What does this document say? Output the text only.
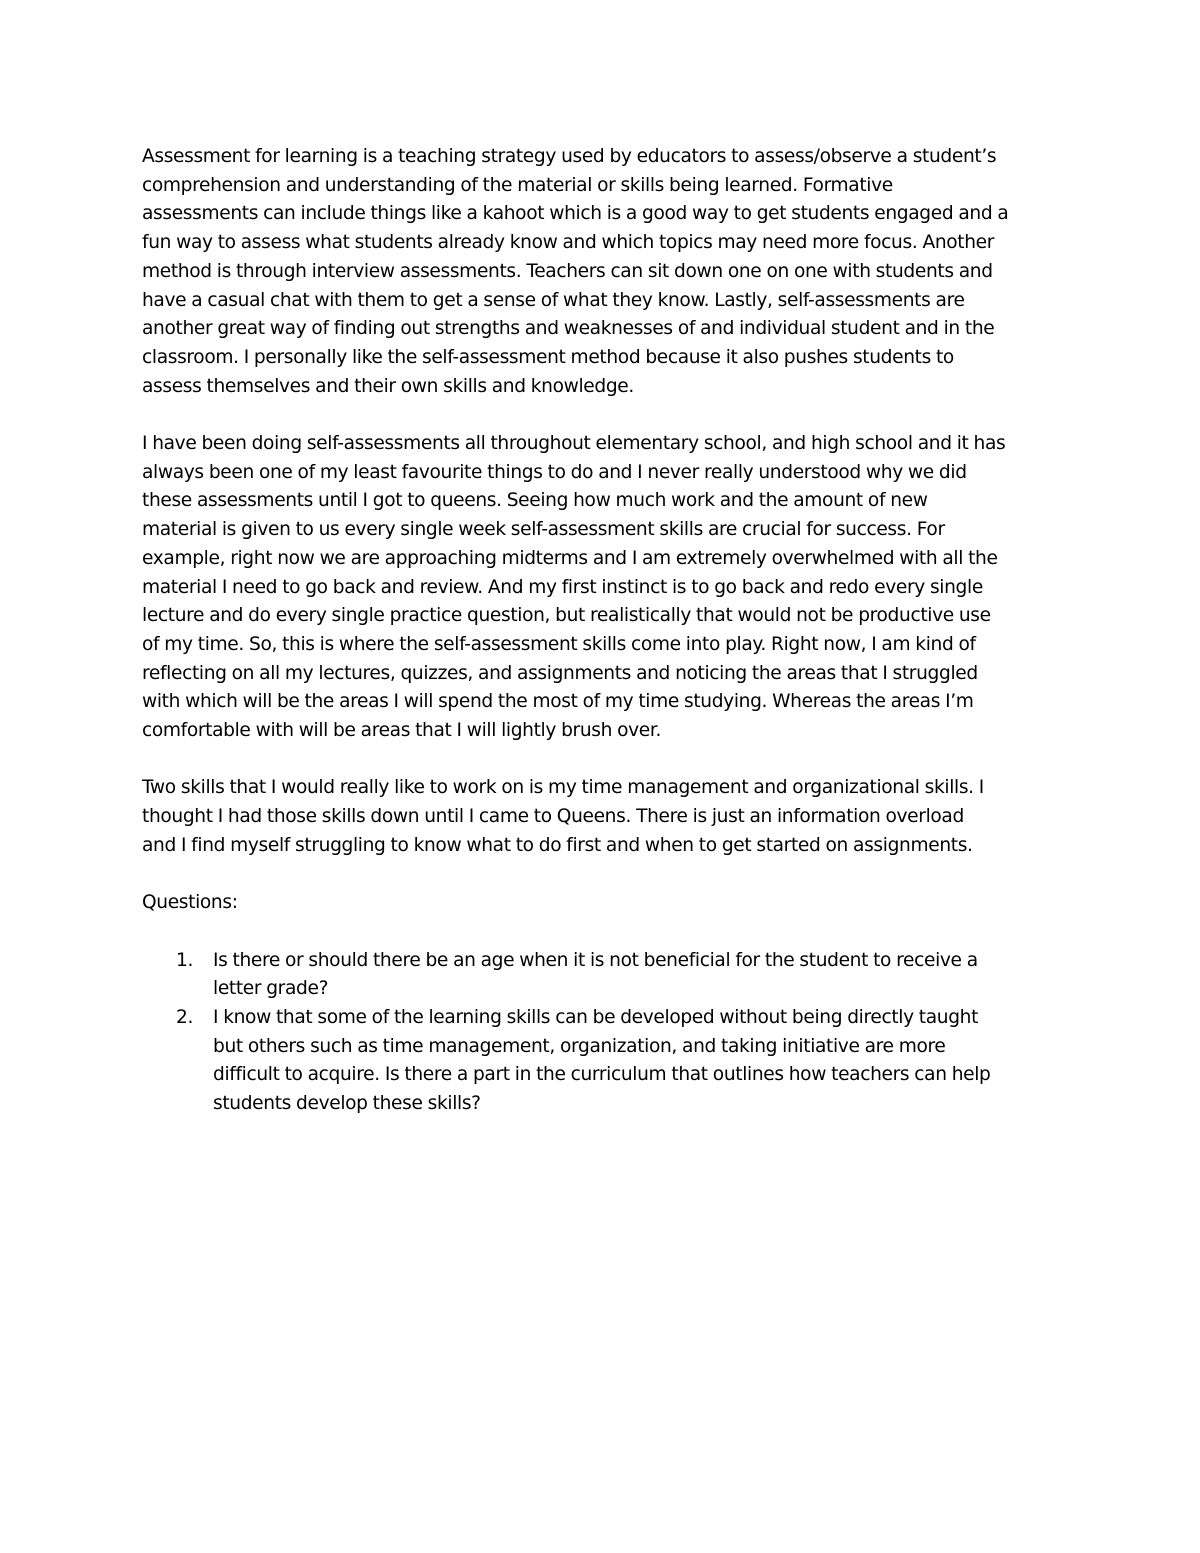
Assessment for learning is a teaching strategy used by educators to assess/observe a student’s
comprehension and understanding of the material or skills being learned. Formative
assessments can include things like a kahoot which is a good way to get students engaged and a
fun way to assess what students already know and which topics may need more focus. Another
method is through interview assessments. Teachers can sit down one on one with students and
have a casual chat with them to get a sense of what they know. Lastly, self-assessments are
another great way of finding out strengths and weaknesses of and individual student and in the
classroom. I personally like the self-assessment method because it also pushes students to
assess themselves and their own skills and knowledge.

I have been doing self-assessments all throughout elementary school, and high school and it has
always been one of my least favourite things to do and I never really understood why we did
these assessments until I got to queens. Seeing how much work and the amount of new
material is given to us every single week self-assessment skills are crucial for success. For
example, right now we are approaching midterms and I am extremely overwhelmed with all the
material I need to go back and review. And my first instinct is to go back and redo every single
lecture and do every single practice question, but realistically that would not be productive use
of my time. So, this is where the self-assessment skills come into play. Right now, I am kind of
reflecting on all my lectures, quizzes, and assignments and noticing the areas that I struggled
with which will be the areas I will spend the most of my time studying. Whereas the areas I’m
comfortable with will be areas that I will lightly brush over.

Two skills that I would really like to work on is my time management and organizational skills. I
thought I had those skills down until I came to Queens. There is just an information overload
and I find myself struggling to know what to do first and when to get started on assignments.

Questions:

1. Is there or should there be an age when it is not beneficial for the student to receive a
letter grade?
2. I know that some of the learning skills can be developed without being directly taught
but others such as time management, organization, and taking initiative are more
difficult to acquire. Is there a part in the curriculum that outlines how teachers can help
students develop these skills?
